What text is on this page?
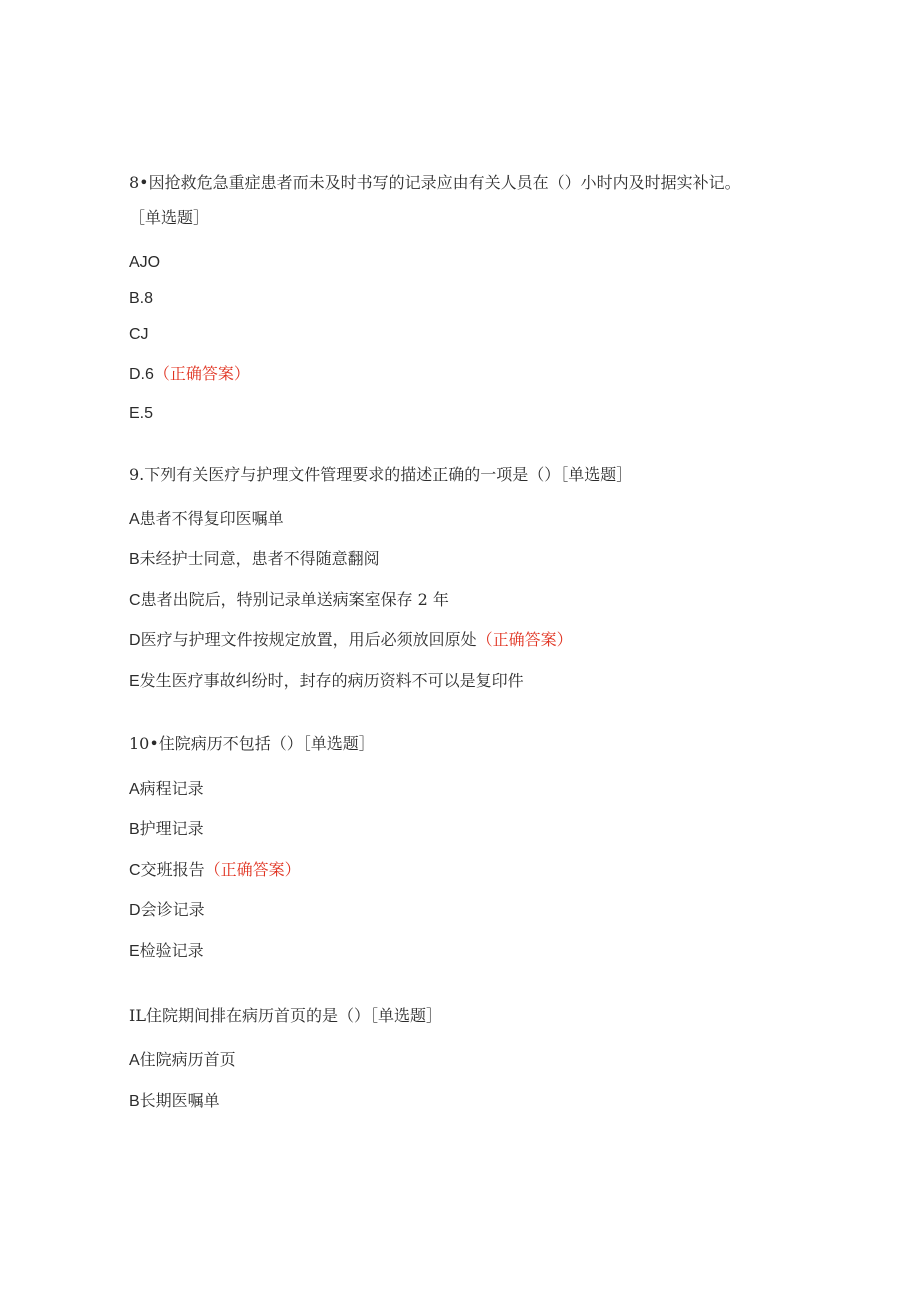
8•因抢救危急重症患者而未及时书写的记录应由有关人员在（）小时内及时据实补记。
［单选题］
AJO
B.8
CJ
D.6（正确答案）
E.5
9.下列有关医疗与护理文件管理要求的描述正确的一项是（）［单选题］
A患者不得复印医嘱单
B未经护士同意，患者不得随意翻阅
C患者出院后，特别记录单送病案室保存 2 年
D医疗与护理文件按规定放置，用后必须放回原处（正确答案）
E发生医疗事故纠纷时，封存的病历资料不可以是复印件
10•住院病历不包括（）［单选题］
A病程记录
B护理记录
C交班报告（正确答案）
D会诊记录
E检验记录
IL住院期间排在病历首页的是（）［单选题］
A住院病历首页
B长期医嘱单
